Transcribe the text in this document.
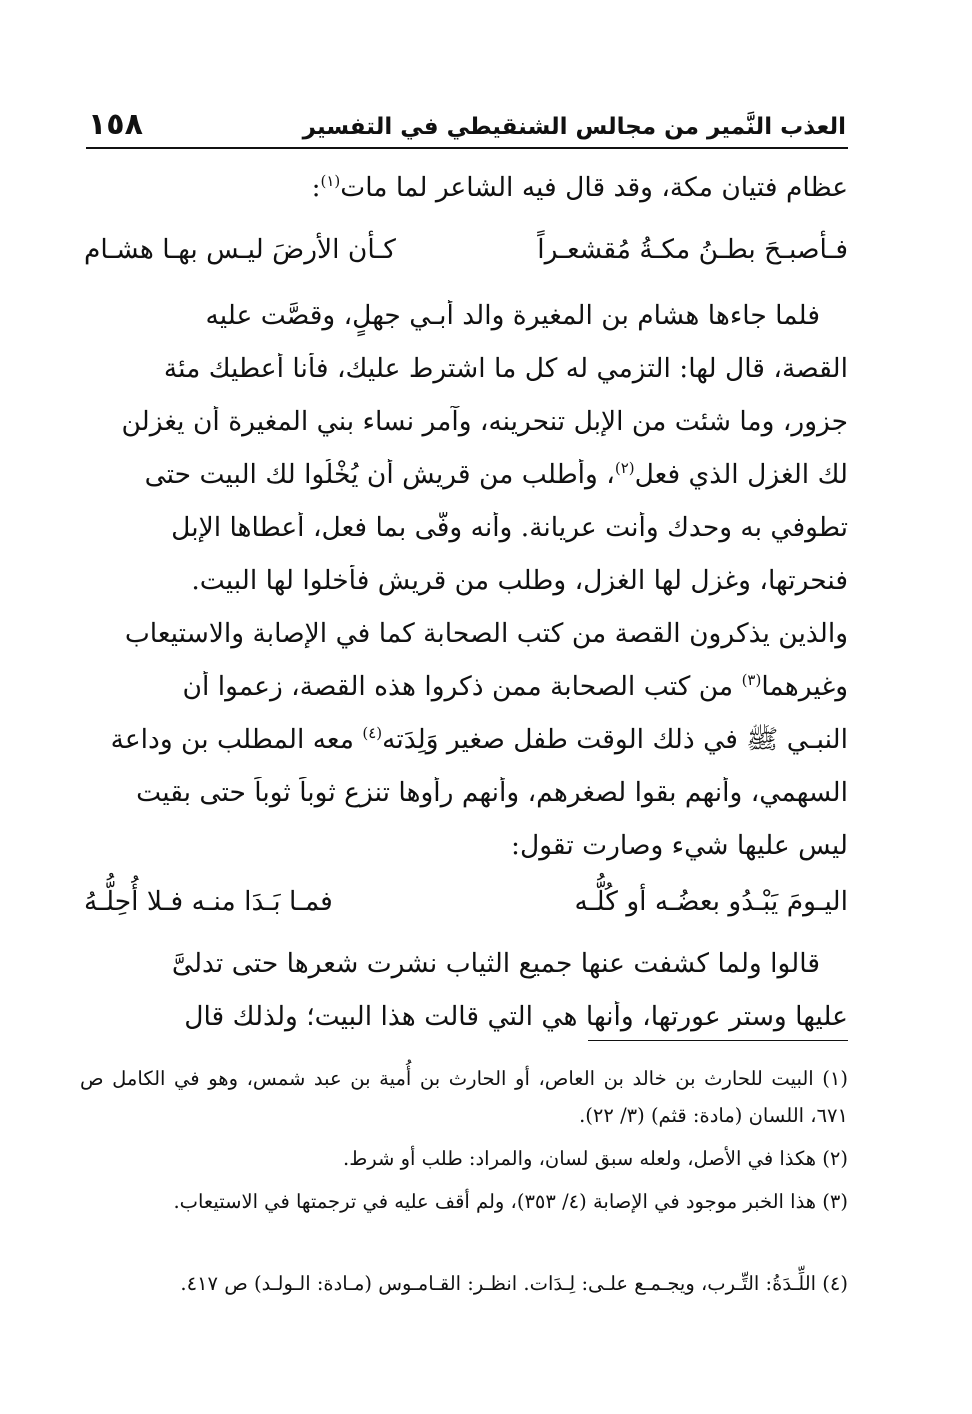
العذب النَّمير من مجالس الشنقيطي في التفسير
١٥٨
عظام فتيان مكة، وقد قال فيه الشاعر لما مات$^{(١)}$:
فـأصبـحَ بطـنُ مكـةُ مُقشعـراً
كـأن الأرضَ ليـس بهـا هشـام
فلما جاءها هشام بن المغيرة والد أبـي جهلٍ، وقصَّت عليه
القصة، قال لها: التزمي له كل ما اشترط عليك، فأنا أعطيك مئة
جزور، وما شئت من الإبل تنحرينه، وآمر نساء بني المغيرة أن يغزلن
لك الغزل الذي فعل$^{(٢)}$، وأطلب من قريش أن يُخْلُوا لك البيت حتى
تطوفي به وحدك وأنت عريانة. وأنه وفَّى بما فعل، أعطاها الإبل
فنحرتها، وغزل لها الغزل، وطلب من قريش فأخلوا لها البيت.
والذين يذكرون القصة من كتب الصحابة كما في الإصابة والاستيعاب
وغيرهما$^{(٣)}$ من كتب الصحابة ممن ذكروا هذه القصة، زعموا أن
النبـي ﷺ في ذلك الوقت طفل صغير وَلِدَته$^{(٤)}$ معه المطلب بن وداعة
السهمي، وأنهم بقوا لصغرهم، وأنهم رأوها تنزع ثوباً ثوباً حتى بقيت
ليس عليها شيء وصارت تقول:
اليـومَ يَبْـدُو بعضُـه أو كُلُّـه
فمـا بَـدَا منـه فـلا أُحِلُّـهُ
قالوا ولما كشفت عنها جميع الثياب نشرت شعرها حتى تدلىَّ
عليها وستر عورتها، وأنها هي التي قالت هذا البيت؛ ولذلك قال
(١) البيت للحارث بن خالد بن العاص، أو الحارث بن أُمية بن عبد شمس، وهو في الكامل ص ٦٧١، اللسان (مادة: قثم) (٣/ ٢٢).
(٢) هكذا في الأصل، ولعله سبق لسان، والمراد: طلب أو شرط.
(٣) هذا الخبر موجود في الإصابة (٤/ ٣٥٣)، ولم أقف عليه في ترجمتها في الاستيعاب.
(٤) اللِّـدَةُ: التِّـرب، ويجـمـع علـى: لِـدَات. انظـر: القـامـوس (مـادة: الـولـد) ص ٤١٧.
